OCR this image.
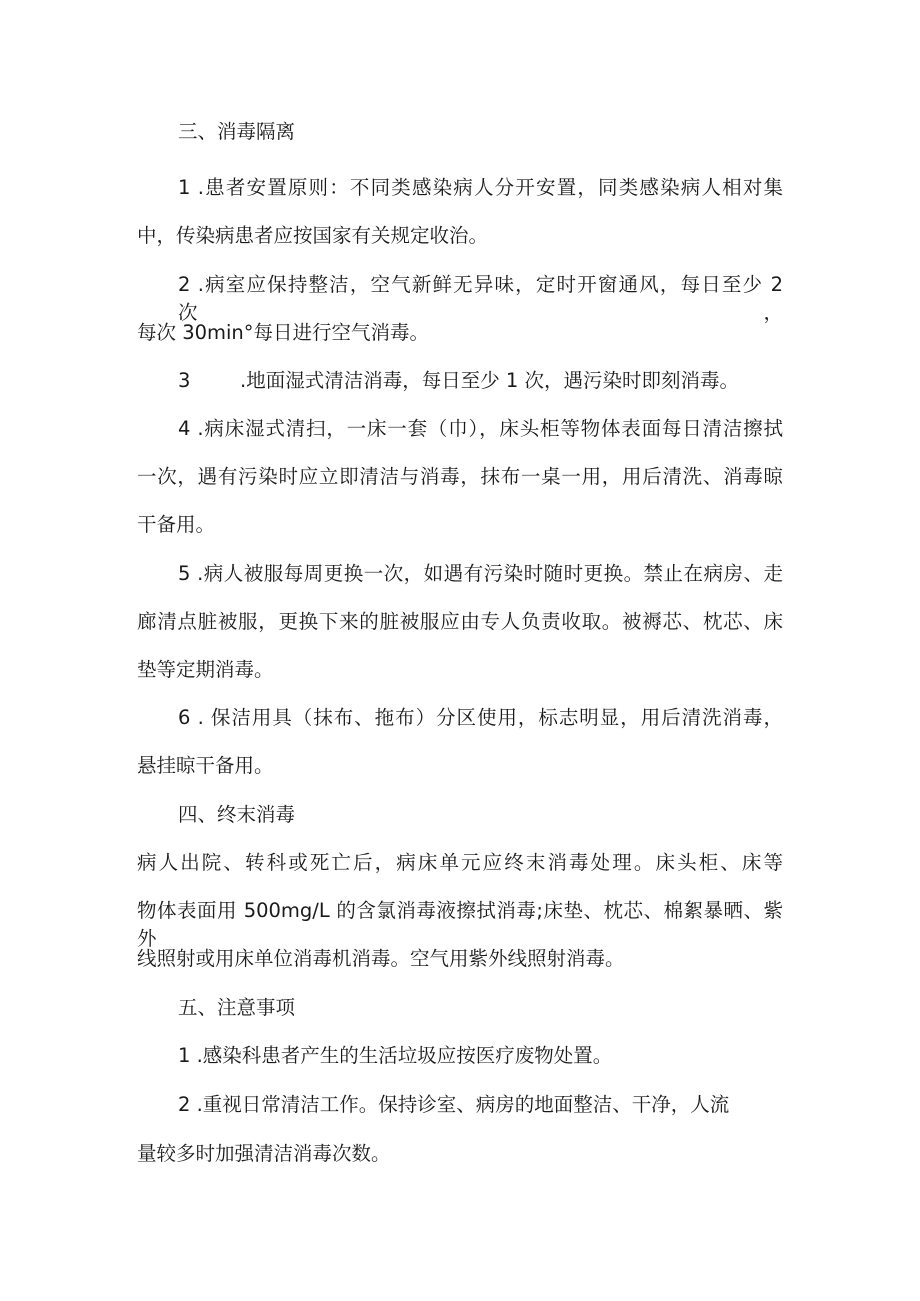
三、消毒隔离

1 .患者安置原则：不同类感染病人分开安置，同类感染病人相对集

中，传染病患者应按国家有关规定收治。

2 .病室应保持整洁，空气新鲜无异味，定时开窗通风，每日至少 2 次，

每次 30min°每日进行空气消毒。

3        .地面湿式清洁消毒，每日至少 1 次，遇污染时即刻消毒。

4 .病床湿式清扫，一床一套（巾），床头柜等物体表面每日清洁擦拭

一次，遇有污染时应立即清洁与消毒，抹布一桌一用，用后清洗、消毒晾

干备用。

5 .病人被服每周更换一次，如遇有污染时随时更换。禁止在病房、走

廊清点脏被服，更换下来的脏被服应由专人负责收取。被褥芯、枕芯、床

垫等定期消毒。

6 . 保洁用具（抹布、拖布）分区使用，标志明显，用后清洗消毒，

悬挂晾干备用。

四、终末消毒

病人出院、转科或死亡后，病床单元应终末消毒处理。床头柜、床等

物体表面用 500mg∕L 的含氯消毒液擦拭消毒;床垫、枕芯、棉絮暴晒、紫外

线照射或用床单位消毒机消毒。空气用紫外线照射消毒。

五、注意事项

1 .感染科患者产生的生活垃圾应按医疗废物处置。

2 .重视日常清洁工作。保持诊室、病房的地面整洁、干净，人流

量较多时加强清洁消毒次数。
